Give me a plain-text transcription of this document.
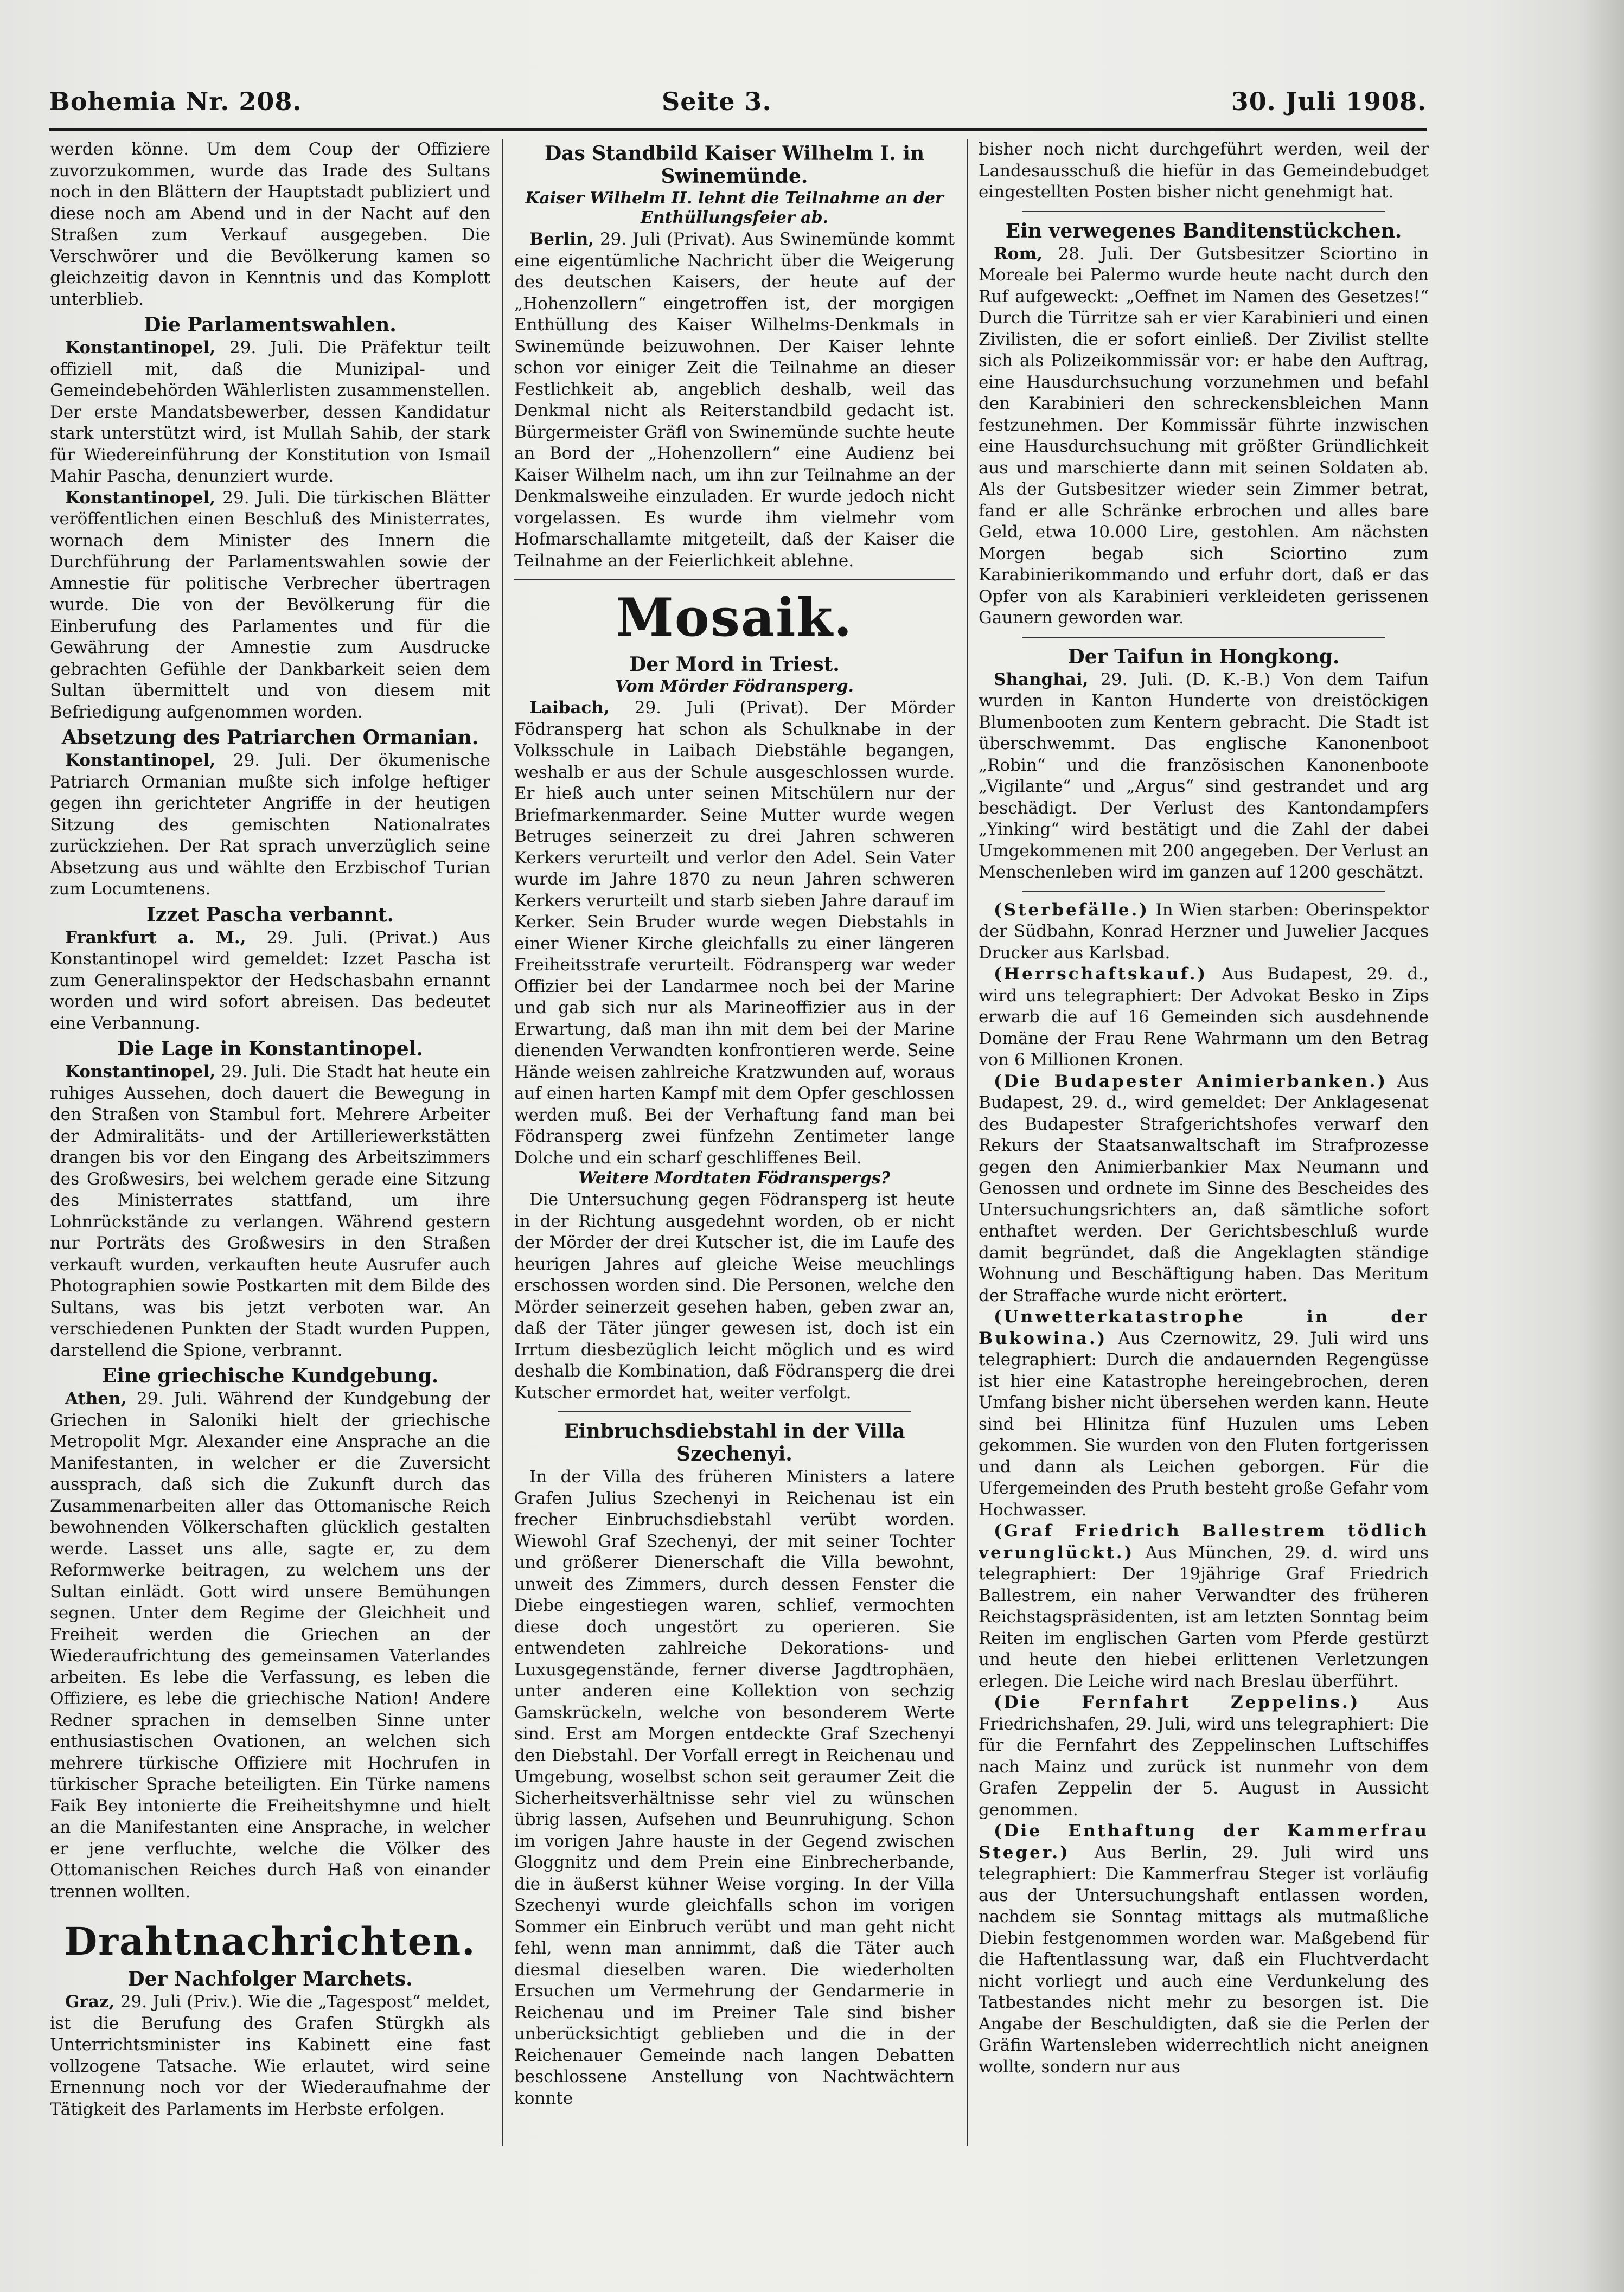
Bohemia Nr. 208.	Seite 3.	30. Juli 1908.

werden könne. Um dem Coup der Offiziere zuvorzukommen, wurde das Irade des Sultans noch in den Blättern der Hauptstadt publiziert und diese noch am Abend und in der Nacht auf den Straßen zum Verkauf ausgegeben. Die Verschwörer und die Bevölkerung kamen so gleichzeitig davon in Kenntnis und das Komplott unterblieb.

Die Parlamentswahlen.

Konstantinopel, 29. Juli. Die Präfektur teilt offiziell mit, daß die Munizipal- und Gemeindebehörden Wählerlisten zusammenstellen. Der erste Mandatsbewerber, dessen Kandidatur stark unterstützt wird, ist Mullah Sahib, der stark für Wiedereinführung der Konstitution von Ismail Mahir Pascha, denunziert wurde.

Konstantinopel, 29. Juli. Die türkischen Blätter veröffentlichen einen Beschluß des Ministerrates, wornach dem Minister des Innern die Durchführung der Parlamentswahlen sowie der Amnestie für politische Verbrecher übertragen wurde. Die von der Bevölkerung für die Einberufung des Parlamentes und für die Gewährung der Amnestie zum Ausdrucke gebrachten Gefühle der Dankbarkeit seien dem Sultan übermittelt und von diesem mit Befriedigung aufgenommen worden.

Absetzung des Patriarchen Ormanian.

Konstantinopel, 29. Juli. Der ökumenische Patriarch Ormanian mußte sich infolge heftiger gegen ihn gerichteter Angriffe in der heutigen Sitzung des gemischten Nationalrates zurückziehen. Der Rat sprach unverzüglich seine Absetzung aus und wählte den Erzbischof Turian zum Locumtenens.

Izzet Pascha verbannt.

Frankfurt a. M., 29. Juli. (Privat.) Aus Konstantinopel wird gemeldet: Izzet Pascha ist zum Generalinspektor der Hedschasbahn ernannt worden und wird sofort abreisen. Das bedeutet eine Verbannung.

Die Lage in Konstantinopel.

Konstantinopel, 29. Juli. Die Stadt hat heute ein ruhiges Aussehen, doch dauert die Bewegung in den Straßen von Stambul fort. Mehrere Arbeiter der Admiralitäts- und der Artilleriewerkstätten drangen bis vor den Eingang des Arbeitszimmers des Großwesirs, bei welchem gerade eine Sitzung des Ministerrates stattfand, um ihre Lohnrückstände zu verlangen. Während gestern nur Porträts des Großwesirs in den Straßen verkauft wurden, verkauften heute Ausrufer auch Photographien sowie Postkarten mit dem Bilde des Sultans, was bis jetzt verboten war. An verschiedenen Punkten der Stadt wurden Puppen, darstellend die Spione, verbrannt.

Eine griechische Kundgebung.

Athen, 29. Juli. Während der Kundgebung der Griechen in Saloniki hielt der griechische Metropolit Mgr. Alexander eine Ansprache an die Manifestanten, in welcher er die Zuversicht aussprach, daß sich die Zukunft durch das Zusammenarbeiten aller das Ottomanische Reich bewohnenden Völkerschaften glücklich gestalten werde. Lasset uns alle, sagte er, zu dem Reformwerke beitragen, zu welchem uns der Sultan einlädt. Gott wird unsere Bemühungen segnen. Unter dem Regime der Gleichheit und Freiheit werden die Griechen an der Wiederaufrichtung des gemeinsamen Vaterlandes arbeiten. Es lebe die Verfassung, es leben die Offiziere, es lebe die griechische Nation! Andere Redner sprachen in demselben Sinne unter enthusiastischen Ovationen, an welchen sich mehrere türkische Offiziere mit Hochrufen in türkischer Sprache beteiligten. Ein Türke namens Faik Bey intonierte die Freiheitshymne und hielt an die Manifestanten eine Ansprache, in welcher er jene verfluchte, welche die Völker des Ottomanischen Reiches durch Haß von einander trennen wollten.

Drahtnachrichten.
Der Nachfolger Marchets.

Graz, 29. Juli (Priv.). Wie die „Tagespost“ meldet, ist die Berufung des Grafen Stürgkh als Unterrichtsminister ins Kabinett eine fast vollzogene Tatsache. Wie erlautet, wird seine Ernennung noch vor der Wiederaufnahme der Tätigkeit des Parlaments im Herbste erfolgen.

Das Standbild Kaiser Wilhelm I. in Swinemünde.
Kaiser Wilhelm II. lehnt die Teilnahme an der Enthüllungsfeier ab.

Berlin, 29. Juli (Privat). Aus Swinemünde kommt eine eigentümliche Nachricht über die Weigerung des deutschen Kaisers, der heute auf der „Hohenzollern“ eingetroffen ist, der morgigen Enthüllung des Kaiser Wilhelms-Denkmals in Swinemünde beizuwohnen. Der Kaiser lehnte schon vor einiger Zeit die Teilnahme an dieser Festlichkeit ab, angeblich deshalb, weil das Denkmal nicht als Reiterstandbild gedacht ist. Bürgermeister Gräfl von Swinemünde suchte heute an Bord der „Hohenzollern“ eine Audienz bei Kaiser Wilhelm nach, um ihn zur Teilnahme an der Denkmalsweihe einzuladen. Er wurde jedoch nicht vorgelassen. Es wurde ihm vielmehr vom Hofmarschallamte mitgeteilt, daß der Kaiser die Teilnahme an der Feierlichkeit ablehne.

Mosaik.
Der Mord in Triest.
Vom Mörder Födransperg.

Laibach, 29. Juli (Privat). Der Mörder Födransperg hat schon als Schulknabe in der Volksschule in Laibach Diebstähle begangen, weshalb er aus der Schule ausgeschlossen wurde. Er hieß auch unter seinen Mitschülern nur der Briefmarkenmarder. Seine Mutter wurde wegen Betruges seinerzeit zu drei Jahren schweren Kerkers verurteilt und verlor den Adel. Sein Vater wurde im Jahre 1870 zu neun Jahren schweren Kerkers verurteilt und starb sieben Jahre darauf im Kerker. Sein Bruder wurde wegen Diebstahls in einer Wiener Kirche gleichfalls zu einer längeren Freiheitsstrafe verurteilt. Födransperg war weder Offizier bei der Landarmee noch bei der Marine und gab sich nur als Marineoffizier aus in der Erwartung, daß man ihn mit dem bei der Marine dienenden Verwandten konfrontieren werde. Seine Hände weisen zahlreiche Kratzwunden auf, woraus auf einen harten Kampf mit dem Opfer geschlossen werden muß. Bei der Verhaftung fand man bei Födransperg zwei fünfzehn Zentimeter lange Dolche und ein scharf geschliffenes Beil.

Weitere Mordtaten Födranspergs?

Die Untersuchung gegen Födransperg ist heute in der Richtung ausgedehnt worden, ob er nicht der Mörder der drei Kutscher ist, die im Laufe des heurigen Jahres auf gleiche Weise meuchlings erschossen worden sind. Die Personen, welche den Mörder seinerzeit gesehen haben, geben zwar an, daß der Täter jünger gewesen ist, doch ist ein Irrtum diesbezüglich leicht möglich und es wird deshalb die Kombination, daß Födransperg die drei Kutscher ermordet hat, weiter verfolgt.

Einbruchsdiebstahl in der Villa Szechenyi.

In der Villa des früheren Ministers a latere Grafen Julius Szechenyi in Reichenau ist ein frecher Einbruchsdiebstahl verübt worden. Wiewohl Graf Szechenyi, der mit seiner Tochter und größerer Dienerschaft die Villa bewohnt, unweit des Zimmers, durch dessen Fenster die Diebe eingestiegen waren, schlief, vermochten diese doch ungestört zu operieren. Sie entwendeten zahlreiche Dekorations- und Luxusgegenstände, ferner diverse Jagdtrophäen, unter anderen eine Kollektion von sechzig Gamskrückeln, welche von besonderem Werte sind. Erst am Morgen entdeckte Graf Szechenyi den Diebstahl. Der Vorfall erregt in Reichenau und Umgebung, woselbst schon seit geraumer Zeit die Sicherheitsverhältnisse sehr viel zu wünschen übrig lassen, Aufsehen und Beunruhigung. Schon im vorigen Jahre hauste in der Gegend zwischen Gloggnitz und dem Prein eine Einbrecherbande, die in äußerst kühner Weise vorging. In der Villa Szechenyi wurde gleichfalls schon im vorigen Sommer ein Einbruch verübt und man geht nicht fehl, wenn man annimmt, daß die Täter auch diesmal dieselben waren. Die wiederholten Ersuchen um Vermehrung der Gendarmerie in Reichenau und im Preiner Tale sind bisher unberücksichtigt geblieben und die in der Reichenauer Gemeinde nach langen Debatten beschlossene Anstellung von Nachtwächtern konnte

bisher noch nicht durchgeführt werden, weil der Landesausschuß die hiefür in das Gemeindebudget eingestellten Posten bisher nicht genehmigt hat.

Ein verwegenes Banditenstückchen.

Rom, 28. Juli. Der Gutsbesitzer Sciortino in Moreale bei Palermo wurde heute nacht durch den Ruf aufgeweckt: „Oeffnet im Namen des Gesetzes!“ Durch die Türritze sah er vier Karabinieri und einen Zivilisten, die er sofort einließ. Der Zivilist stellte sich als Polizeikommissär vor: er habe den Auftrag, eine Hausdurchsuchung vorzunehmen und befahl den Karabinieri den schreckensbleichen Mann festzunehmen. Der Kommissär führte inzwischen eine Hausdurchsuchung mit größter Gründlichkeit aus und marschierte dann mit seinen Soldaten ab. Als der Gutsbesitzer wieder sein Zimmer betrat, fand er alle Schränke erbrochen und alles bare Geld, etwa 10.000 Lire, gestohlen. Am nächsten Morgen begab sich Sciortino zum Karabinierikommando und erfuhr dort, daß er das Opfer von als Karabinieri verkleideten gerissenen Gaunern geworden war.

Der Taifun in Hongkong.

Shanghai, 29. Juli. (D. K.-B.) Von dem Taifun wurden in Kanton Hunderte von dreistöckigen Blumenbooten zum Kentern gebracht. Die Stadt ist überschwemmt. Das englische Kanonenboot „Robin“ und die französischen Kanonenboote „Vigilante“ und „Argus“ sind gestrandet und arg beschädigt. Der Verlust des Kantondampfers „Yinking“ wird bestätigt und die Zahl der dabei Umgekommenen mit 200 angegeben. Der Verlust an Menschenleben wird im ganzen auf 1200 geschätzt.

(Sterbefälle.) In Wien starben: Oberinspektor der Südbahn, Konrad Herzner und Juwelier Jacques Drucker aus Karlsbad.

(Herrschaftskauf.) Aus Budapest, 29. d., wird uns telegraphiert: Der Advokat Besko in Zips erwarb die auf 16 Gemeinden sich ausdehnende Domäne der Frau Rene Wahrmann um den Betrag von 6 Millionen Kronen.

(Die Budapester Animierbanken.) Aus Budapest, 29. d., wird gemeldet: Der Anklagesenat des Budapester Strafgerichtshofes verwarf den Rekurs der Staatsanwaltschaft im Strafprozesse gegen den Animierbankier Max Neumann und Genossen und ordnete im Sinne des Bescheides des Untersuchungsrichters an, daß sämtliche sofort enthaftet werden. Der Gerichtsbeschluß wurde damit begründet, daß die Angeklagten ständige Wohnung und Beschäftigung haben. Das Meritum der Straffache wurde nicht erörtert.

(Unwetterkatastrophe in der Bukowina.) Aus Czernowitz, 29. Juli wird uns telegraphiert: Durch die andauernden Regengüsse ist hier eine Katastrophe hereingebrochen, deren Umfang bisher nicht übersehen werden kann. Heute sind bei Hlinitza fünf Huzulen ums Leben gekommen. Sie wurden von den Fluten fortgerissen und dann als Leichen geborgen. Für die Ufergemeinden des Pruth besteht große Gefahr vom Hochwasser.

(Graf Friedrich Ballestrem tödlich verunglückt.) Aus München, 29. d. wird uns telegraphiert: Der 19jährige Graf Friedrich Ballestrem, ein naher Verwandter des früheren Reichstagspräsidenten, ist am letzten Sonntag beim Reiten im englischen Garten vom Pferde gestürzt und heute den hiebei erlittenen Verletzungen erlegen. Die Leiche wird nach Breslau überführt.

(Die Fernfahrt Zeppelins.) Aus Friedrichshafen, 29. Juli, wird uns telegraphiert: Die für die Fernfahrt des Zeppelinschen Luftschiffes nach Mainz und zurück ist nunmehr von dem Grafen Zeppelin der 5. August in Aussicht genommen.

(Die Enthaftung der Kammerfrau Steger.) Aus Berlin, 29. Juli wird uns telegraphiert: Die Kammerfrau Steger ist vorläufig aus der Untersuchungshaft entlassen worden, nachdem sie Sonntag mittags als mutmaßliche Diebin festgenommen worden war. Maßgebend für die Haftentlassung war, daß ein Fluchtverdacht nicht vorliegt und auch eine Verdunkelung des Tatbestandes nicht mehr zu besorgen ist. Die Angabe der Beschuldigten, daß sie die Perlen der Gräfin Wartensleben widerrechtlich nicht aneignen wollte, sondern nur aus
